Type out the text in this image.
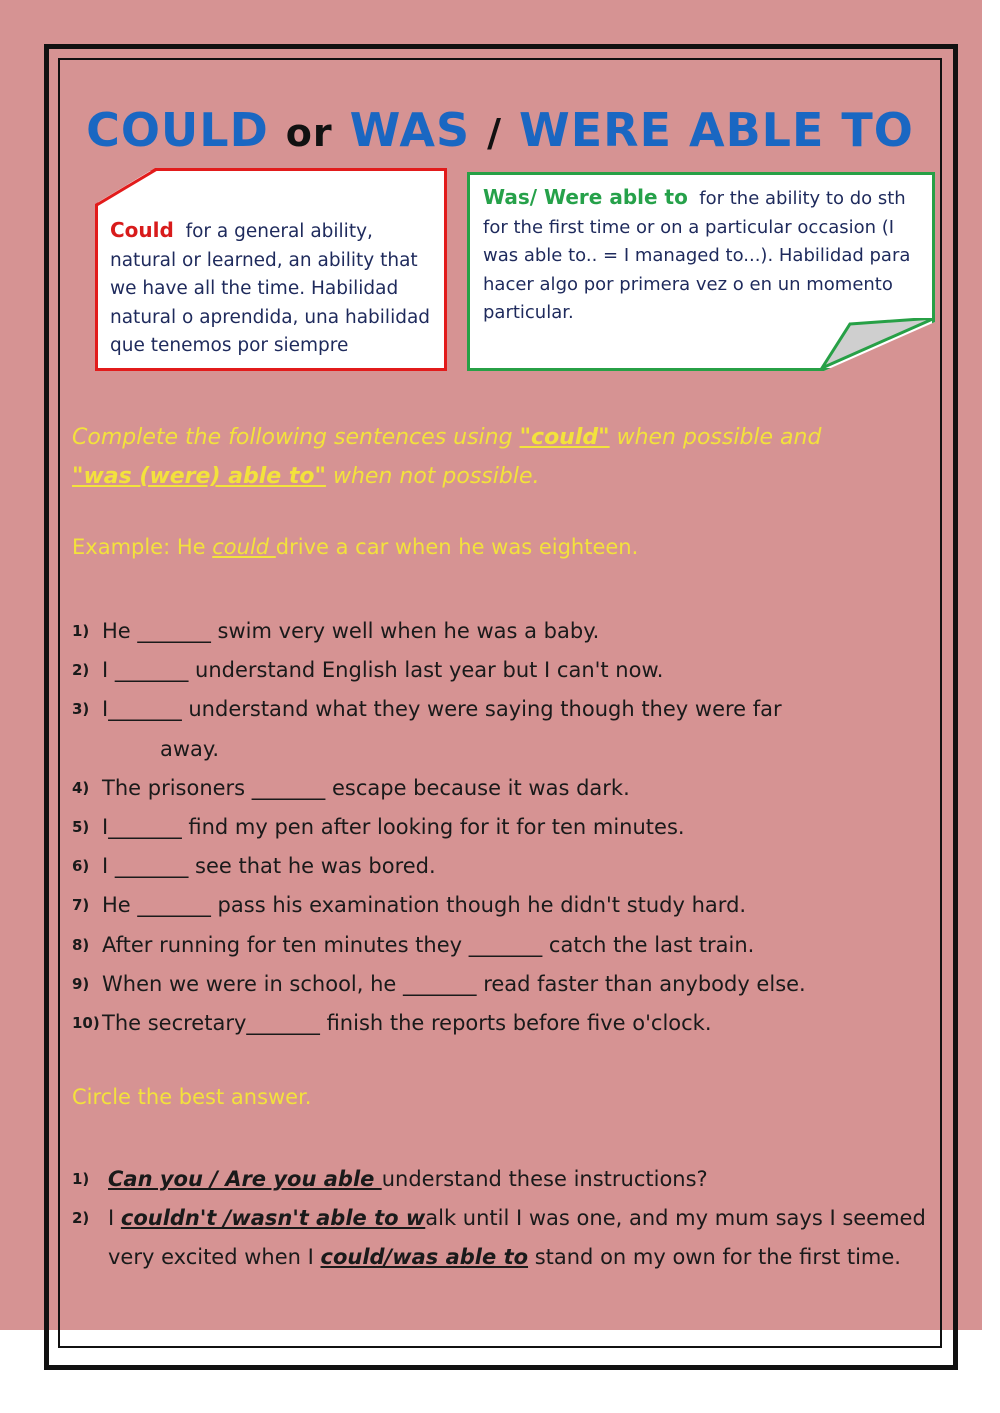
COULD or WAS / WERE ABLE TO
Could for a general ability, natural or learned, an ability that we have all the time. Habilidad natural o aprendida, una habilidad que tenemos por siempre
Was/ Were able to for the ability to do sth for the first time or on a particular occasion (I was able to.. = I managed to...). Habilidad para hacer algo por primera vez o en un momento particular.
Complete the following sentences using "could" when possible and
"was (were) able to" when not possible.
Example: He could drive a car when he was eighteen.
1) He _______ swim very well when he was a baby.
2) I _______ understand English last year but I can't now.
3) I_______ understand what they were saying though they were far
away.
4) The prisoners _______ escape because it was dark.
5) I_______ find my pen after looking for it for ten minutes.
6) I _______ see that he was bored.
7) He _______ pass his examination though he didn't study hard.
8) After running for ten minutes they _______ catch the last train.
9) When we were in school, he _______ read faster than anybody else.
10) The secretary_______ finish the reports before five o'clock.
Circle the best answer.
1) Can you / Are you able understand these instructions?
2) I couldn't /wasn't able to walk until I was one, and my mum says I seemed very excited when I could/was able to stand on my own for the first time.
